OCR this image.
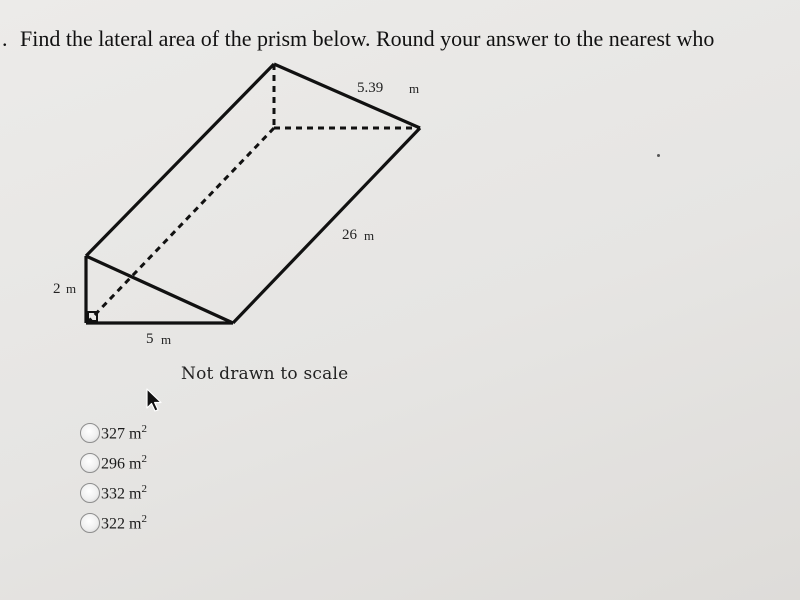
. Find the lateral area of the prism below. Round your answer to the nearest who
5.39 m
26 m
2 m
5 m
Not drawn to scale
327 $m^2$
296 $m^2$
332 $m^2$
322 $m^2$
